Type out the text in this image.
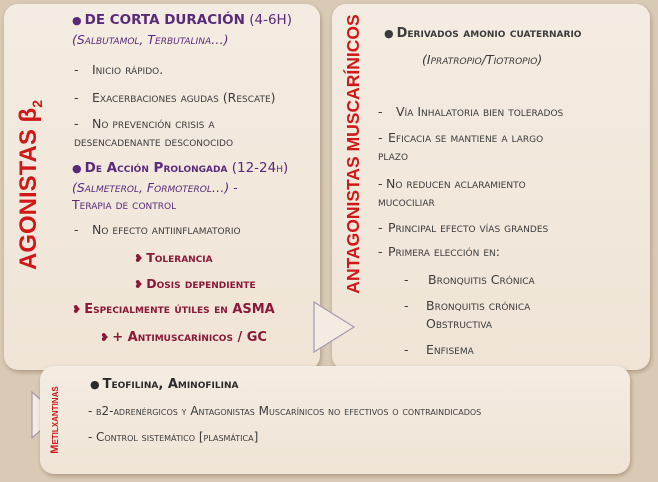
AGONISTAS $\beta_2$
● DE CORTA DURACIÓN (4-6H)
(Salbutamol, Terbutalina…)
- Inicio rápido.
- Exacerbaciones agudas (Rescate)
- No prevención crisis a
desencadenante desconocido
● De Acción Prolongada (12-24h)
(Salmeterol, Formoterol…) -
Terapia de control
- No efecto antiinflamatorio
❥ Tolerancia
❥ Dosis dependiente
❥ Especialmente útiles en ASMA
❥ + Antimuscarínicos / GC
ANTAGONISTAS MUSCARÍNICOS ● Derivados amonio cuaternario
(Ipratropio/Tiotropio)
- Vía Inhalatoria bien tolerados
- Eficacia se mantiene a largo
plazo
- No reducen aclaramiento
mucociliar
- Principal efecto vías grandes
- Primera elección en:
- Bronquitis Crónica
- Bronquitis crónica
Obstructiva
- Enfisema
Metilxantinas
● Teofilina, Aminofilina
- β2-adrenérgicos y Antagonistas Muscarínicos no efectivos o contraindicados
- Control sistemático [plasmática]
